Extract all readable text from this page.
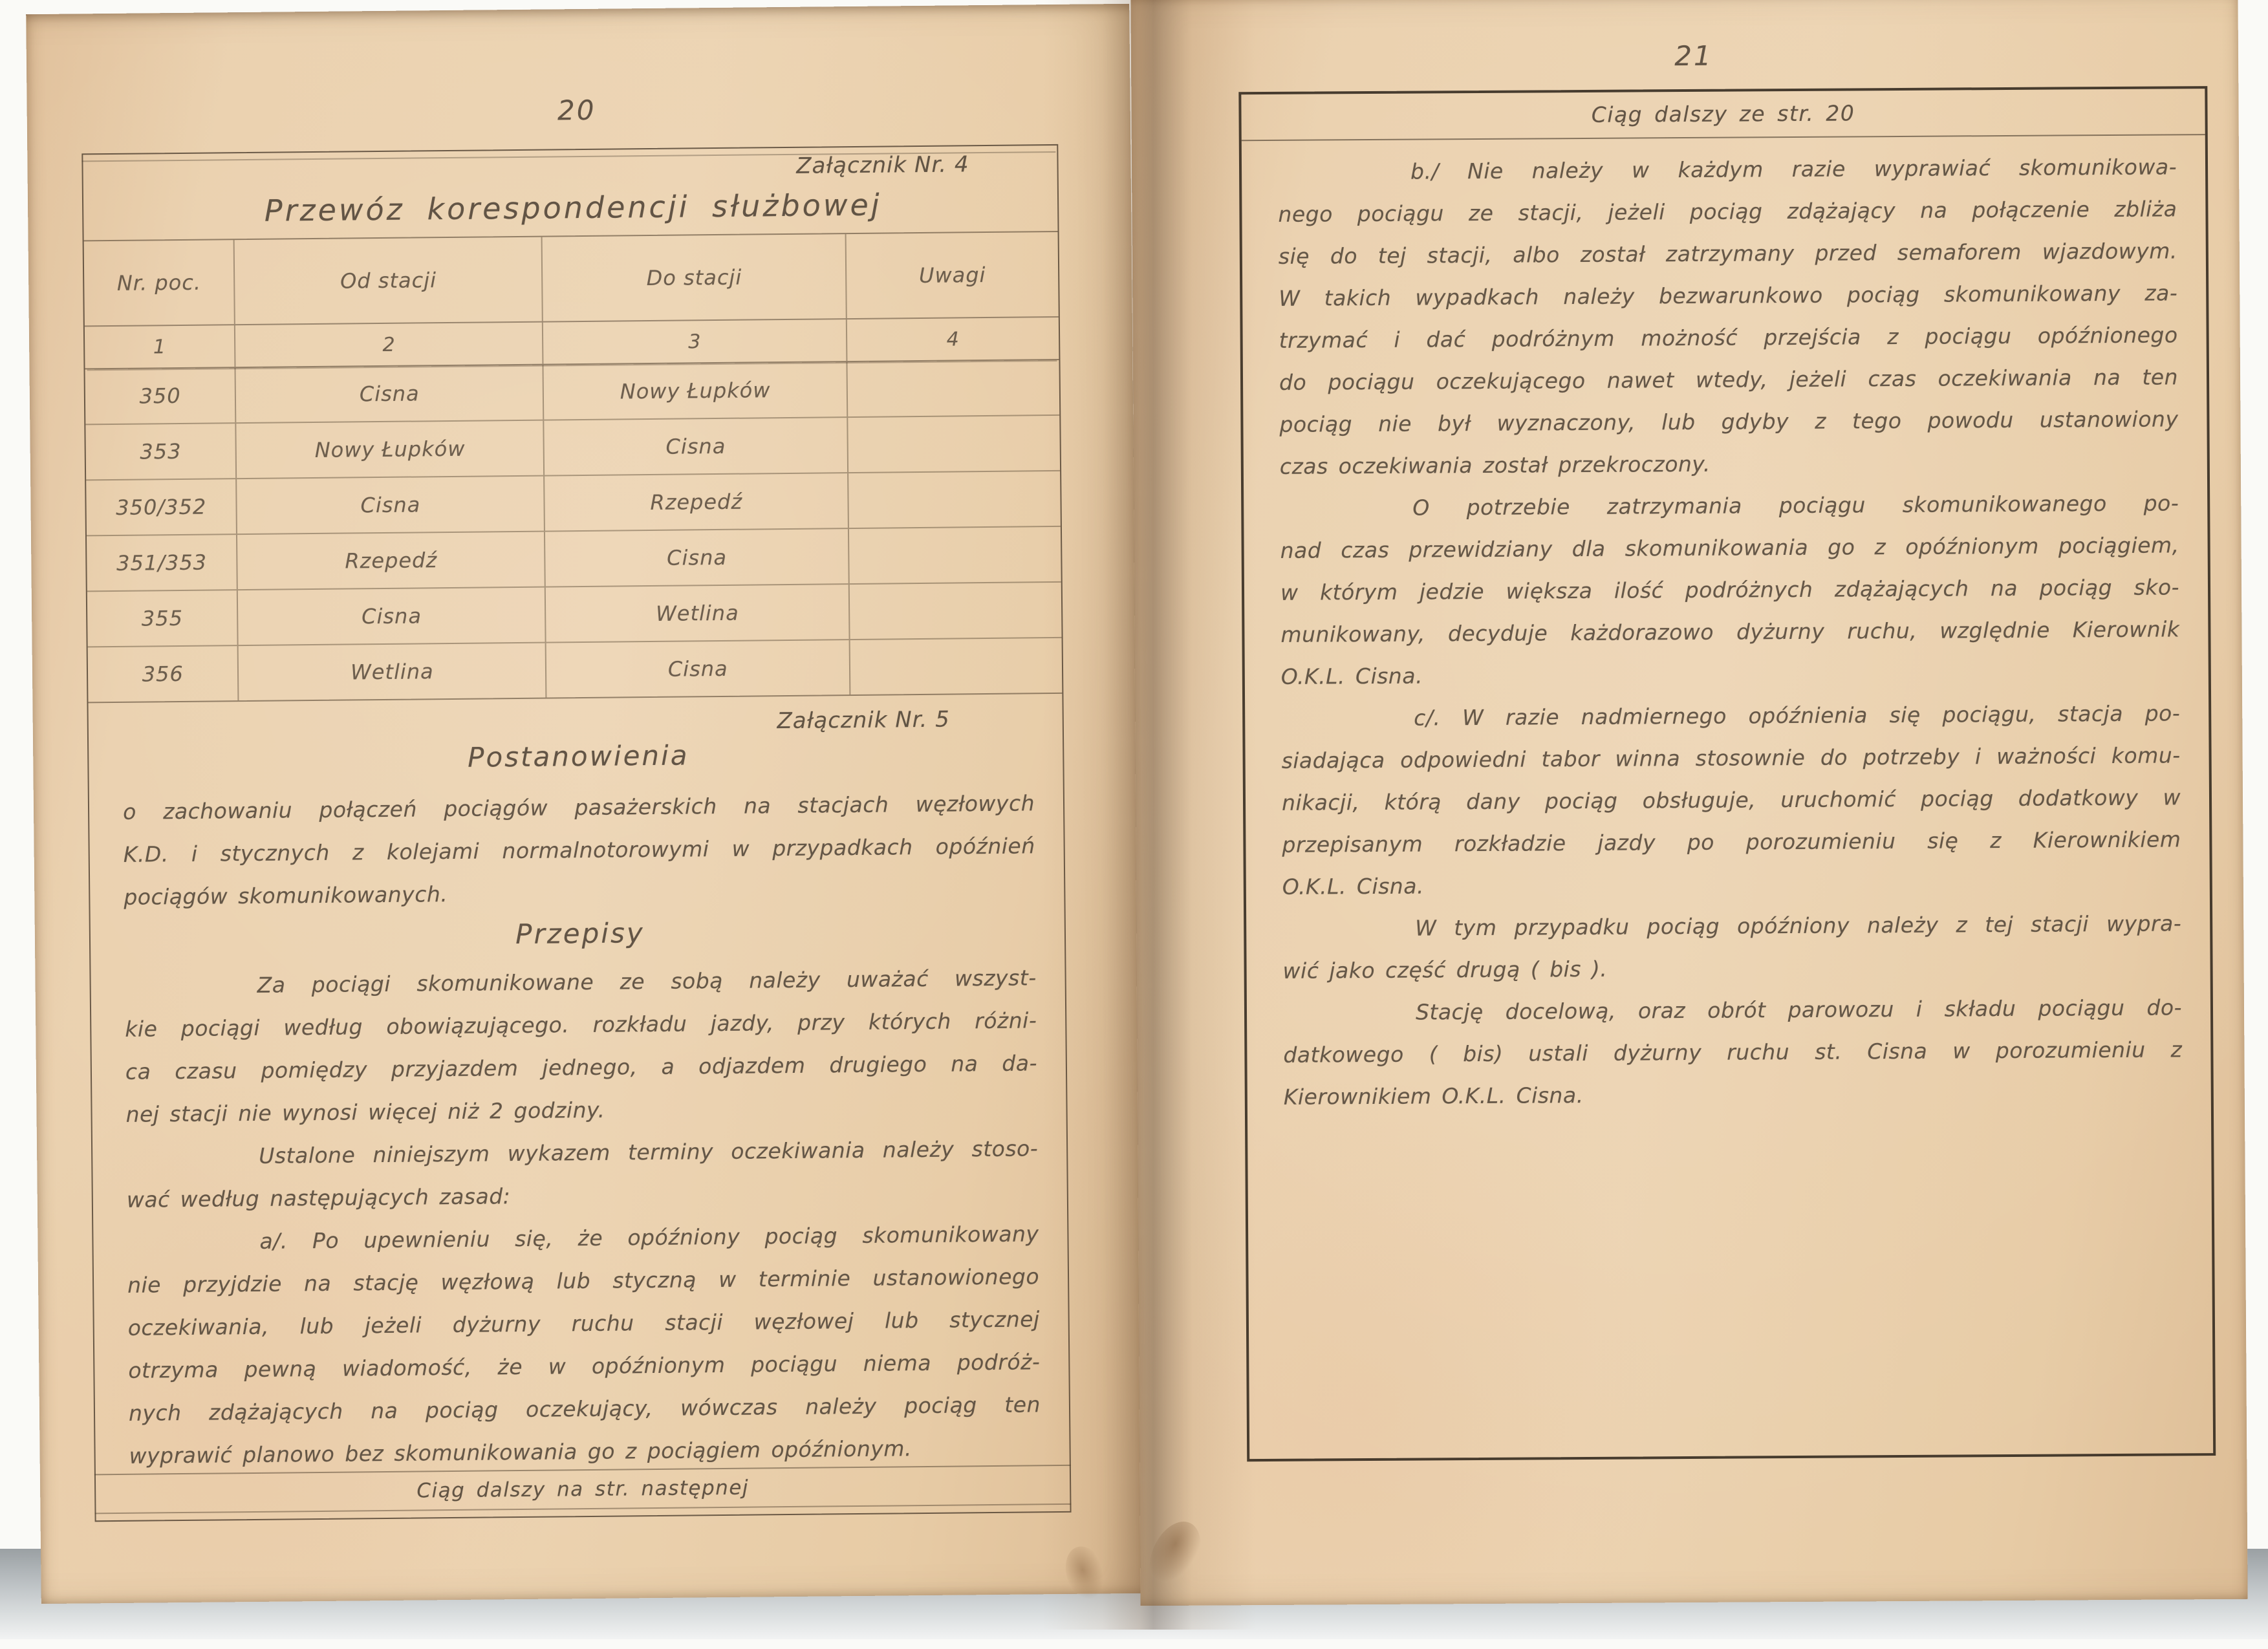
20
Załącznik Nr. 4
Przewóz korespondencji służbowej
Nr. poc.	Od stacji	Do stacji	Uwagi
1	2	3	4
350	Cisna	Nowy Łupków
353	Nowy Łupków	Cisna
350/352	Cisna	Rzepedź
351/353	Rzepedź	Cisna
355	Cisna	Wetlina
356	Wetlina	Cisna
Załącznik Nr. 5
Postanowienia
o zachowaniu połączeń pociągów pasażerskich na stacjach węzłowych
K.D. i stycznych z kolejami normalnotorowymi w przypadkach opóźnień
pociągów skomunikowanych.
Przepisy
Za pociągi skomunikowane ze sobą należy uważać wszyst-
kie pociągi według obowiązującego. rozkładu jazdy, przy których różni-
ca czasu pomiędzy przyjazdem jednego, a odjazdem drugiego na da-
nej stacji nie wynosi więcej niż 2 godziny.
Ustalone niniejszym wykazem terminy oczekiwania należy stoso-
wać według następujących zasad:
a/. Po upewnieniu się, że opóźniony pociąg skomunikowany
nie przyjdzie na stację węzłową lub styczną w terminie ustanowionego
oczekiwania, lub jeżeli dyżurny ruchu stacji węzłowej lub stycznej
otrzyma pewną wiadomość, że w opóźnionym pociągu niema podróż-
nych zdążających na pociąg oczekujący, wówczas należy pociąg ten
wyprawić planowo bez skomunikowania go z pociągiem opóźnionym.
Ciąg dalszy na str. następnej
21
Ciąg dalszy ze str. 20
b./ Nie należy w każdym razie wyprawiać skomunikowa-
nego pociągu ze stacji, jeżeli pociąg zdążający na połączenie zbliża
się do tej stacji, albo został zatrzymany przed semaforem wjazdowym.
W takich wypadkach należy bezwarunkowo pociąg skomunikowany za-
trzymać i dać podróżnym możność przejścia z pociągu opóźnionego
do pociągu oczekującego nawet wtedy, jeżeli czas oczekiwania na ten
pociąg nie był wyznaczony, lub gdyby z tego powodu ustanowiony
czas oczekiwania został przekroczony.
O potrzebie zatrzymania pociągu skomunikowanego po-
nad czas przewidziany dla skomunikowania go z opóźnionym pociągiem,
w którym jedzie większa ilość podróżnych zdążających na pociąg sko-
munikowany, decyduje każdorazowo dyżurny ruchu, względnie Kierownik
O.K.L. Cisna.
c/. W razie nadmiernego opóźnienia się pociągu, stacja po-
siadająca odpowiedni tabor winna stosownie do potrzeby i ważności komu-
nikacji, którą dany pociąg obsługuje, uruchomić pociąg dodatkowy w
przepisanym rozkładzie jazdy po porozumieniu się z Kierownikiem
O.K.L. Cisna.
W tym przypadku pociąg opóźniony należy z tej stacji wypra-
wić jako część drugą ( bis ).
Stację docelową, oraz obrót parowozu i składu pociągu do-
datkowego ( bis) ustali dyżurny ruchu st. Cisna w porozumieniu z
Kierownikiem O.K.L. Cisna.
